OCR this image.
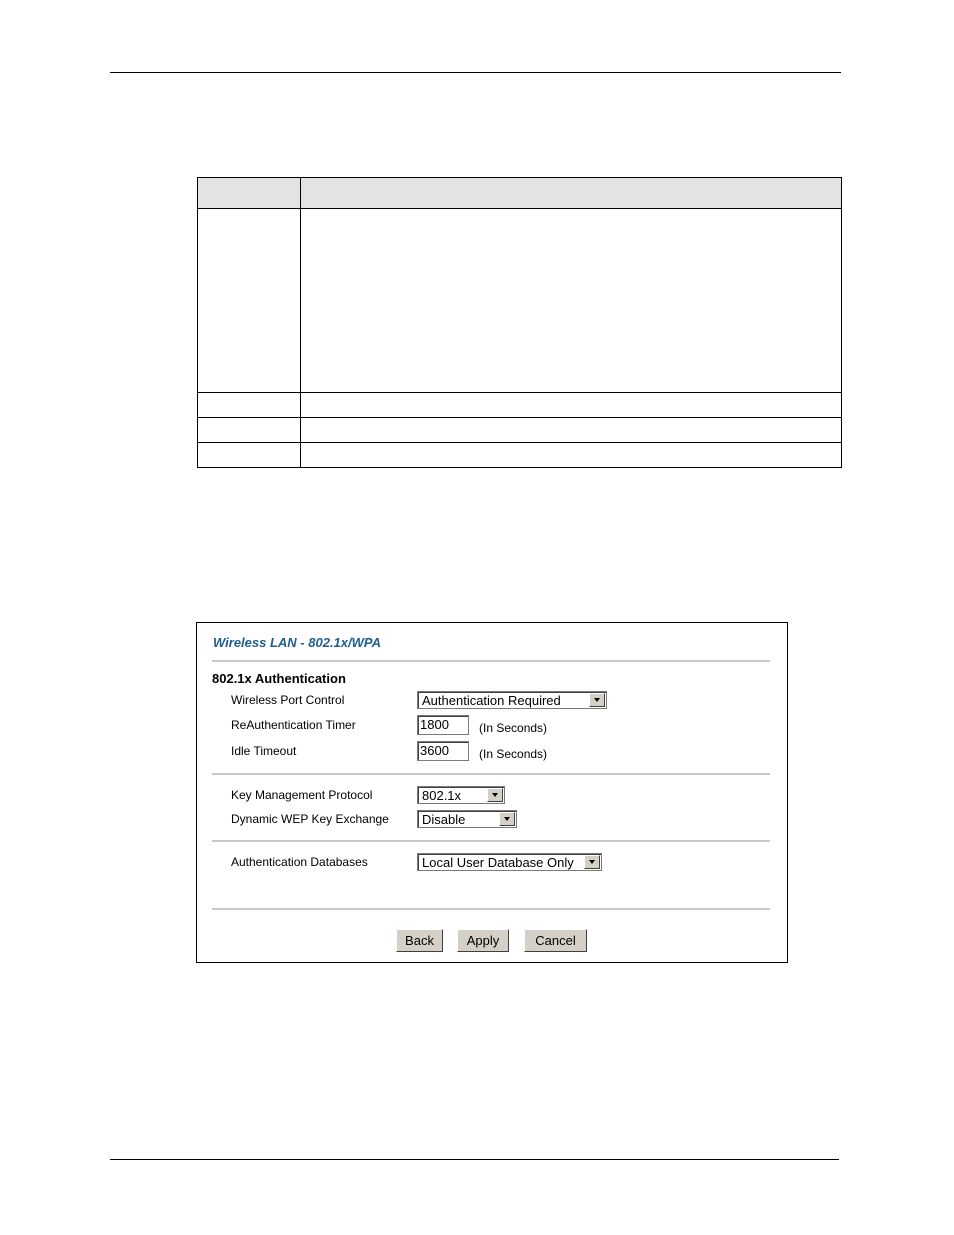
Wireless LAN - 802.1x/WPA
802.1x Authentication
Wireless Port Control	Authentication Required
ReAuthentication Timer	1800	(In Seconds)
Idle Timeout	3600	(In Seconds)
Key Management Protocol	802.1x
Dynamic WEP Key Exchange	Disable
Authentication Databases	Local User Database Only
Back	Apply	Cancel
